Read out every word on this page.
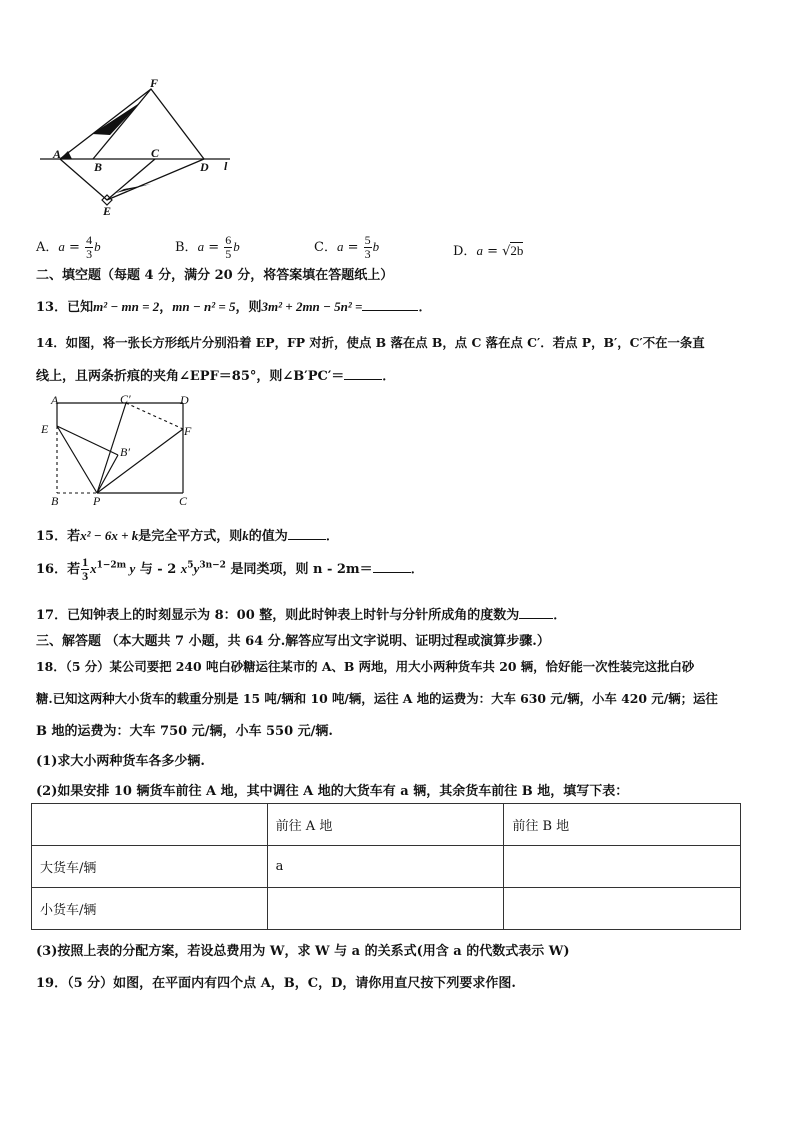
F
A
B
C
D l
E
A．$a = \frac{4}{3}$ b	B．$a = \frac{6}{5}$ b	C．$a = \frac{5}{3}$ b	D．a = √2b
二、填空题（每题 4 分，满分 20 分，将答案填在答题纸上）
13．已知m² − mn = 2，mn − n² = 5，则3m² + 2mn − 5n² =	．
14．如图，将一张长方形纸片分别沿着 EP，FP 对折，使点 B 落在点 B，点 C 落在点 C′．若点 P，B′，C′不在一条直
线上，且两条折痕的夹角∠EPF＝85°，则∠B′PC′＝	．
A	C′	D
E	F
B′
B	P	C
15．若x² − 6x + k是完全平方式，则k的值为	．
16．若 $\frac{1}{3} x^{1-2m}$ y 与 - 2 $x^5y^{3n-2}$ 是同类项，则 n - 2m＝	．
17．已知钟表上的时刻显示为 8：00 整，则此时钟表上时针与分针所成角的度数为	．
三、解答题 （本大题共 7 小题，共 64 分.解答应写出文字说明、证明过程或演算步骤.）
18．（5 分）某公司要把 240 吨白砂糖运往某市的 A、B 两地，用大小两种货车共 20 辆，恰好能一次性装完这批白砂
糖.已知这两种大小货车的载重分别是 15 吨/辆和 10 吨/辆，运往 A 地的运费为：大车 630 元/辆，小车 420 元/辆；运往
B 地的运费为：大车 750 元/辆，小车 550 元/辆.
(1)求大小两种货车各多少辆.
(2)如果安排 10 辆货车前往 A 地，其中调往 A 地的大货车有 a 辆，其余货车前往 B 地，填写下表：
	前往 A 地	前往 B 地
大货车/辆	a	
小货车/辆		
(3)按照上表的分配方案，若设总费用为 W，求 W 与 a 的关系式(用含 a 的代数式表示 W)
19．（5 分）如图，在平面内有四个点 A，B，C，D，请你用直尺按下列要求作图.
